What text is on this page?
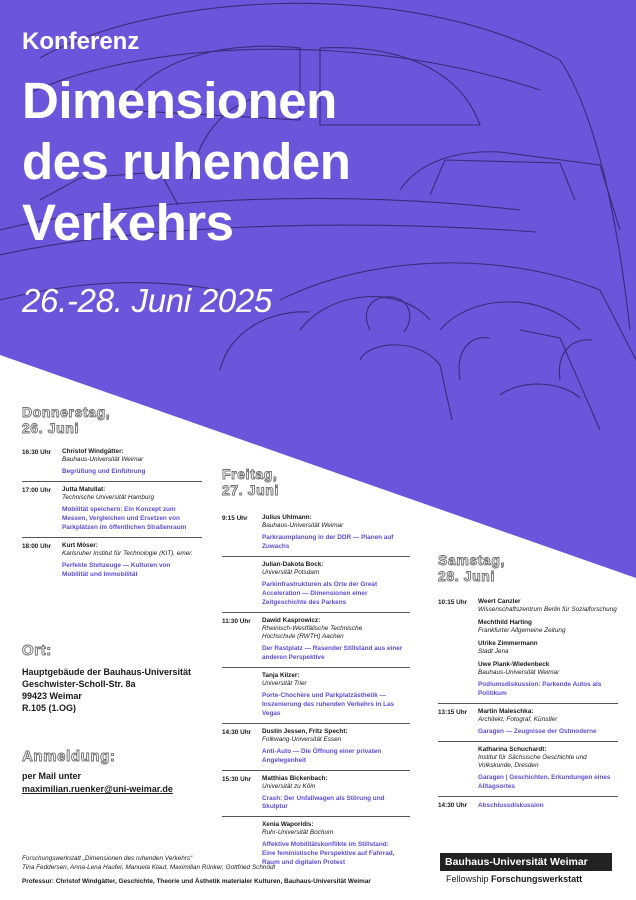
Konferenz
Dimensionen
des ruhenden
Verkehrs
26.-28. Juni 2025
Donnerstag,
26. Juni
Freitag,
27. Juni
Samstag,
28. Juni
16:30 Uhr	Christof Windgätter:
Bauhaus-Universität Weimar
Begrüßung und Einführung
17:00 Uhr	Jutta Matullat:
Technische Universität Hamburg
Mobilität speichern: Ein Konzept zum
Messen, Vergleichen und Ersetzen von
Parkplätzen im öffentlichen Straßenraum
18:00 Uhr	Kurt Möser:
Karlsruher Institut für Technologie (KIT), emer.
Perfekte Stehzeuge — Kulturen von
Mobilität und Immobilität
9:15 Uhr	Julius Uhlmann:
Bauhaus-Universität Weimar
Parkraumplanung in der DDR — Planen auf
Zuwachs
Julian-Dakota Bock:
Universität Potsdam
Parkinfrastrukturen als Orte der Great
Acceleration — Dimensionen einer
Zeitgeschichte des Parkens
11:30 Uhr	Dawid Kasprowicz:
Rheinisch-Westfälische Technische
Hochschule (RWTH) Aachen
Der Rastplatz — Rasender Stillstand aus einer
anderen Perspektive
Tanja Kilzer:
Universität Trier
Porte-Chochère und Parkplatzästhetik —
Inszenierung des ruhenden Verkehrs in Las
Vegas
14:30 Uhr	Dustin Jessen, Fritz Specht:
Folkwang-Universität Essen
Anti-Auto — Die Öffnung einer privaten
Angelegenheit
15:30 Uhr	Matthias Bickenbach:
Universität zu Köln
Crash: Der Unfallwagen als Störung und Skulptur
Xenia Waporidis:
Ruhr-Universität Bochum
Affektive Mobilitätskonflikte im Stillstand:
Eine feministische Perspektive auf Fahrrad,
Raum und digitalen Protest
10:15 Uhr	Weert Canzler
Wissenschaftszentrum Berlin für Sozialforschung
Mechthild Harting
Frankfurter Allgemeine Zeitung
Ulrike Zimmermann
Stadt Jena
Uwe Plank-Wiedenbeck
Bauhaus-Universität Weimar
Podiumsdiskussion: Parkende Autos als
Politikum
13:15 Uhr	Martin Maleschka:
Architekt, Fotograf, Künstler
Garagen — Zeugnisse der Ostmoderne
Katharina Schuchardt:
Institut für Sächsische Geschichte und
Volkskunde, Dresden
Garagen | Geschichten. Erkundungen eines
Alltagsortes
14:30 Uhr	Abschlussdiskussion
Ort:
Hauptgebäude der Bauhaus-Universität
Geschwister-Scholl-Str. 8a
99423 Weimar
R.105 (1.OG)
Anmeldung:
per Mail unter
maximilian.ruenker@uni-weimar.de
Forschungswerkstatt „Dimensionen des ruhenden Verkehrs“
Tina Feddersen, Anna-Lena Haufer, Manuela Klaut, Maximilian Rünker, Gottfried Schnödl
Professur: Christof Windgätter, Geschichte, Theorie und Ästhetik materialer Kulturen, Bauhaus-Universität Weimar
Bauhaus-Universität Weimar
Fellowship Forschungswerkstatt
